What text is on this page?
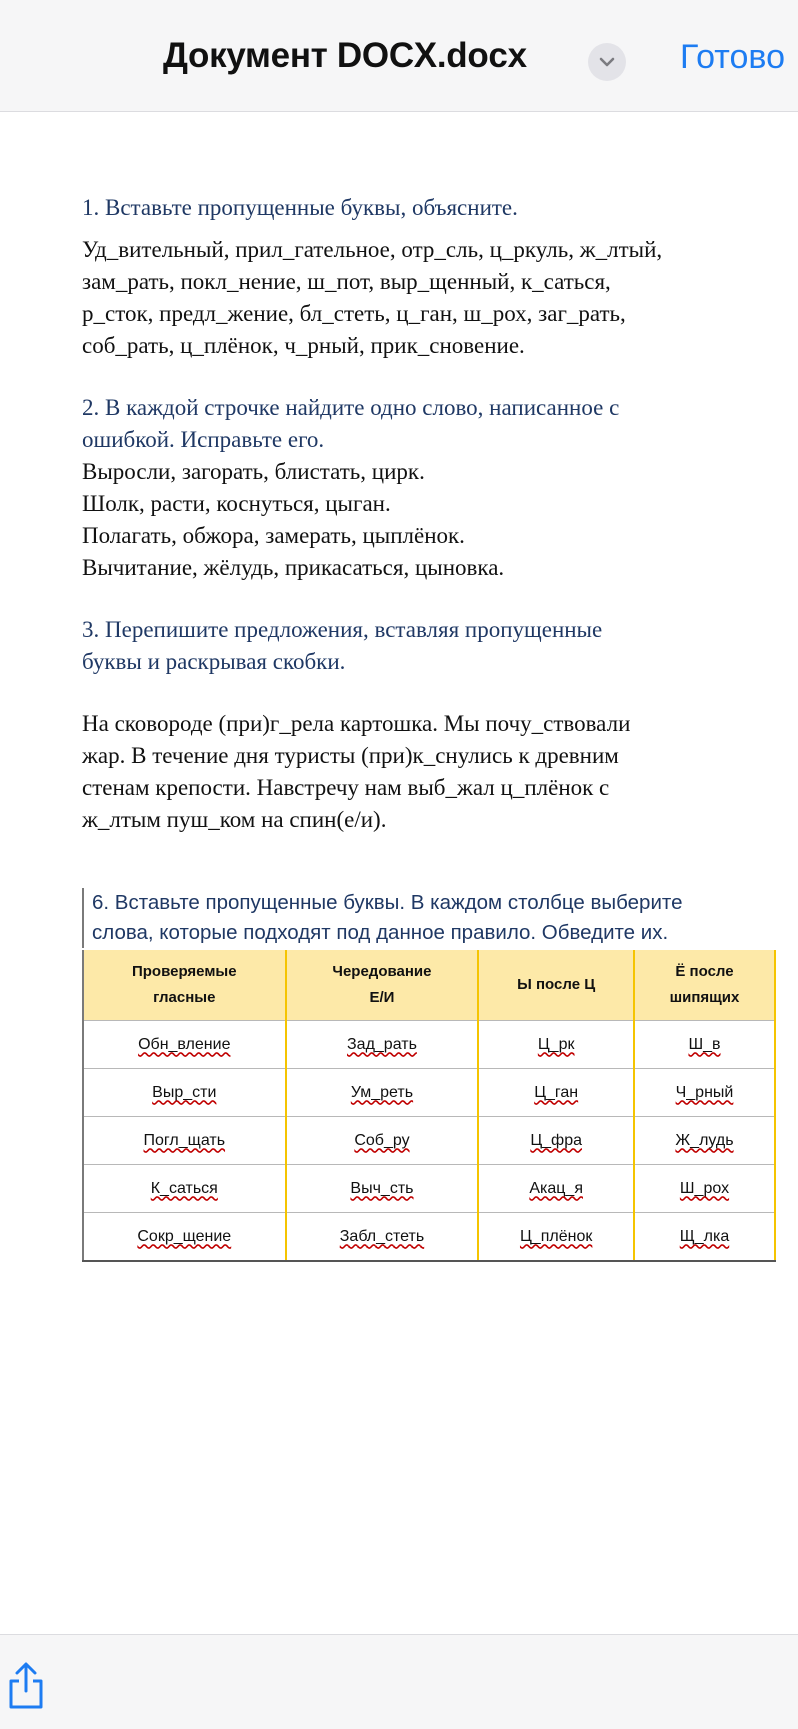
Документ DOCX.docx	Готово

1. Вставьте пропущенные буквы, объясните.

Уд_вительный, прил_гательное, отр_сль, ц_ркуль, ж_лтый,

зам_рать, покл_нение, ш_пот, выр_щенный, к_саться,

р_сток, предл_жение, бл_стеть, ц_ган, ш_рох, заг_рать,

соб_рать, ц_плёнок, ч_рный, прик_сновение.

2. В каждой строчке найдите одно слово, написанное с

ошибкой. Исправьте его.

Выросли, загорать, блистать, цирк.

Шолк, расти, коснуться, цыган.

Полагать, обжора, замерать, цыплёнок.

Вычитание, жёлудь, прикасаться, цыновка.

3. Перепишите предложения, вставляя пропущенные

буквы и раскрывая скобки.

На сковороде (при)г_рела картошка. Мы почу_ствовали

жар. В течение дня туристы (при)к_снулись к древним

стенам крепости. Навстречу нам выб_жал ц_плёнок с

ж_лтым пуш_ком на спин(е/и).

6. Вставьте пропущенные буквы. В каждом столбце выберите
слова, которые подходят под данное правило. Обведите их.
Проверяемые
гласные	Чередование
Е/И	Ы после Ц	Ё после
шипящих
Обн_вление	Зад_рать	Ц_рк	Ш_в
Выр_сти	Ум_реть	Ц_ган	Ч_рный
Погл_щать	Соб_ру	Ц_фра	Ж_лудь
К_саться	Выч_сть	Акац_я	Ш_рох
Сокр_щение	Забл_стеть	Ц_плёнок	Щ_лка
